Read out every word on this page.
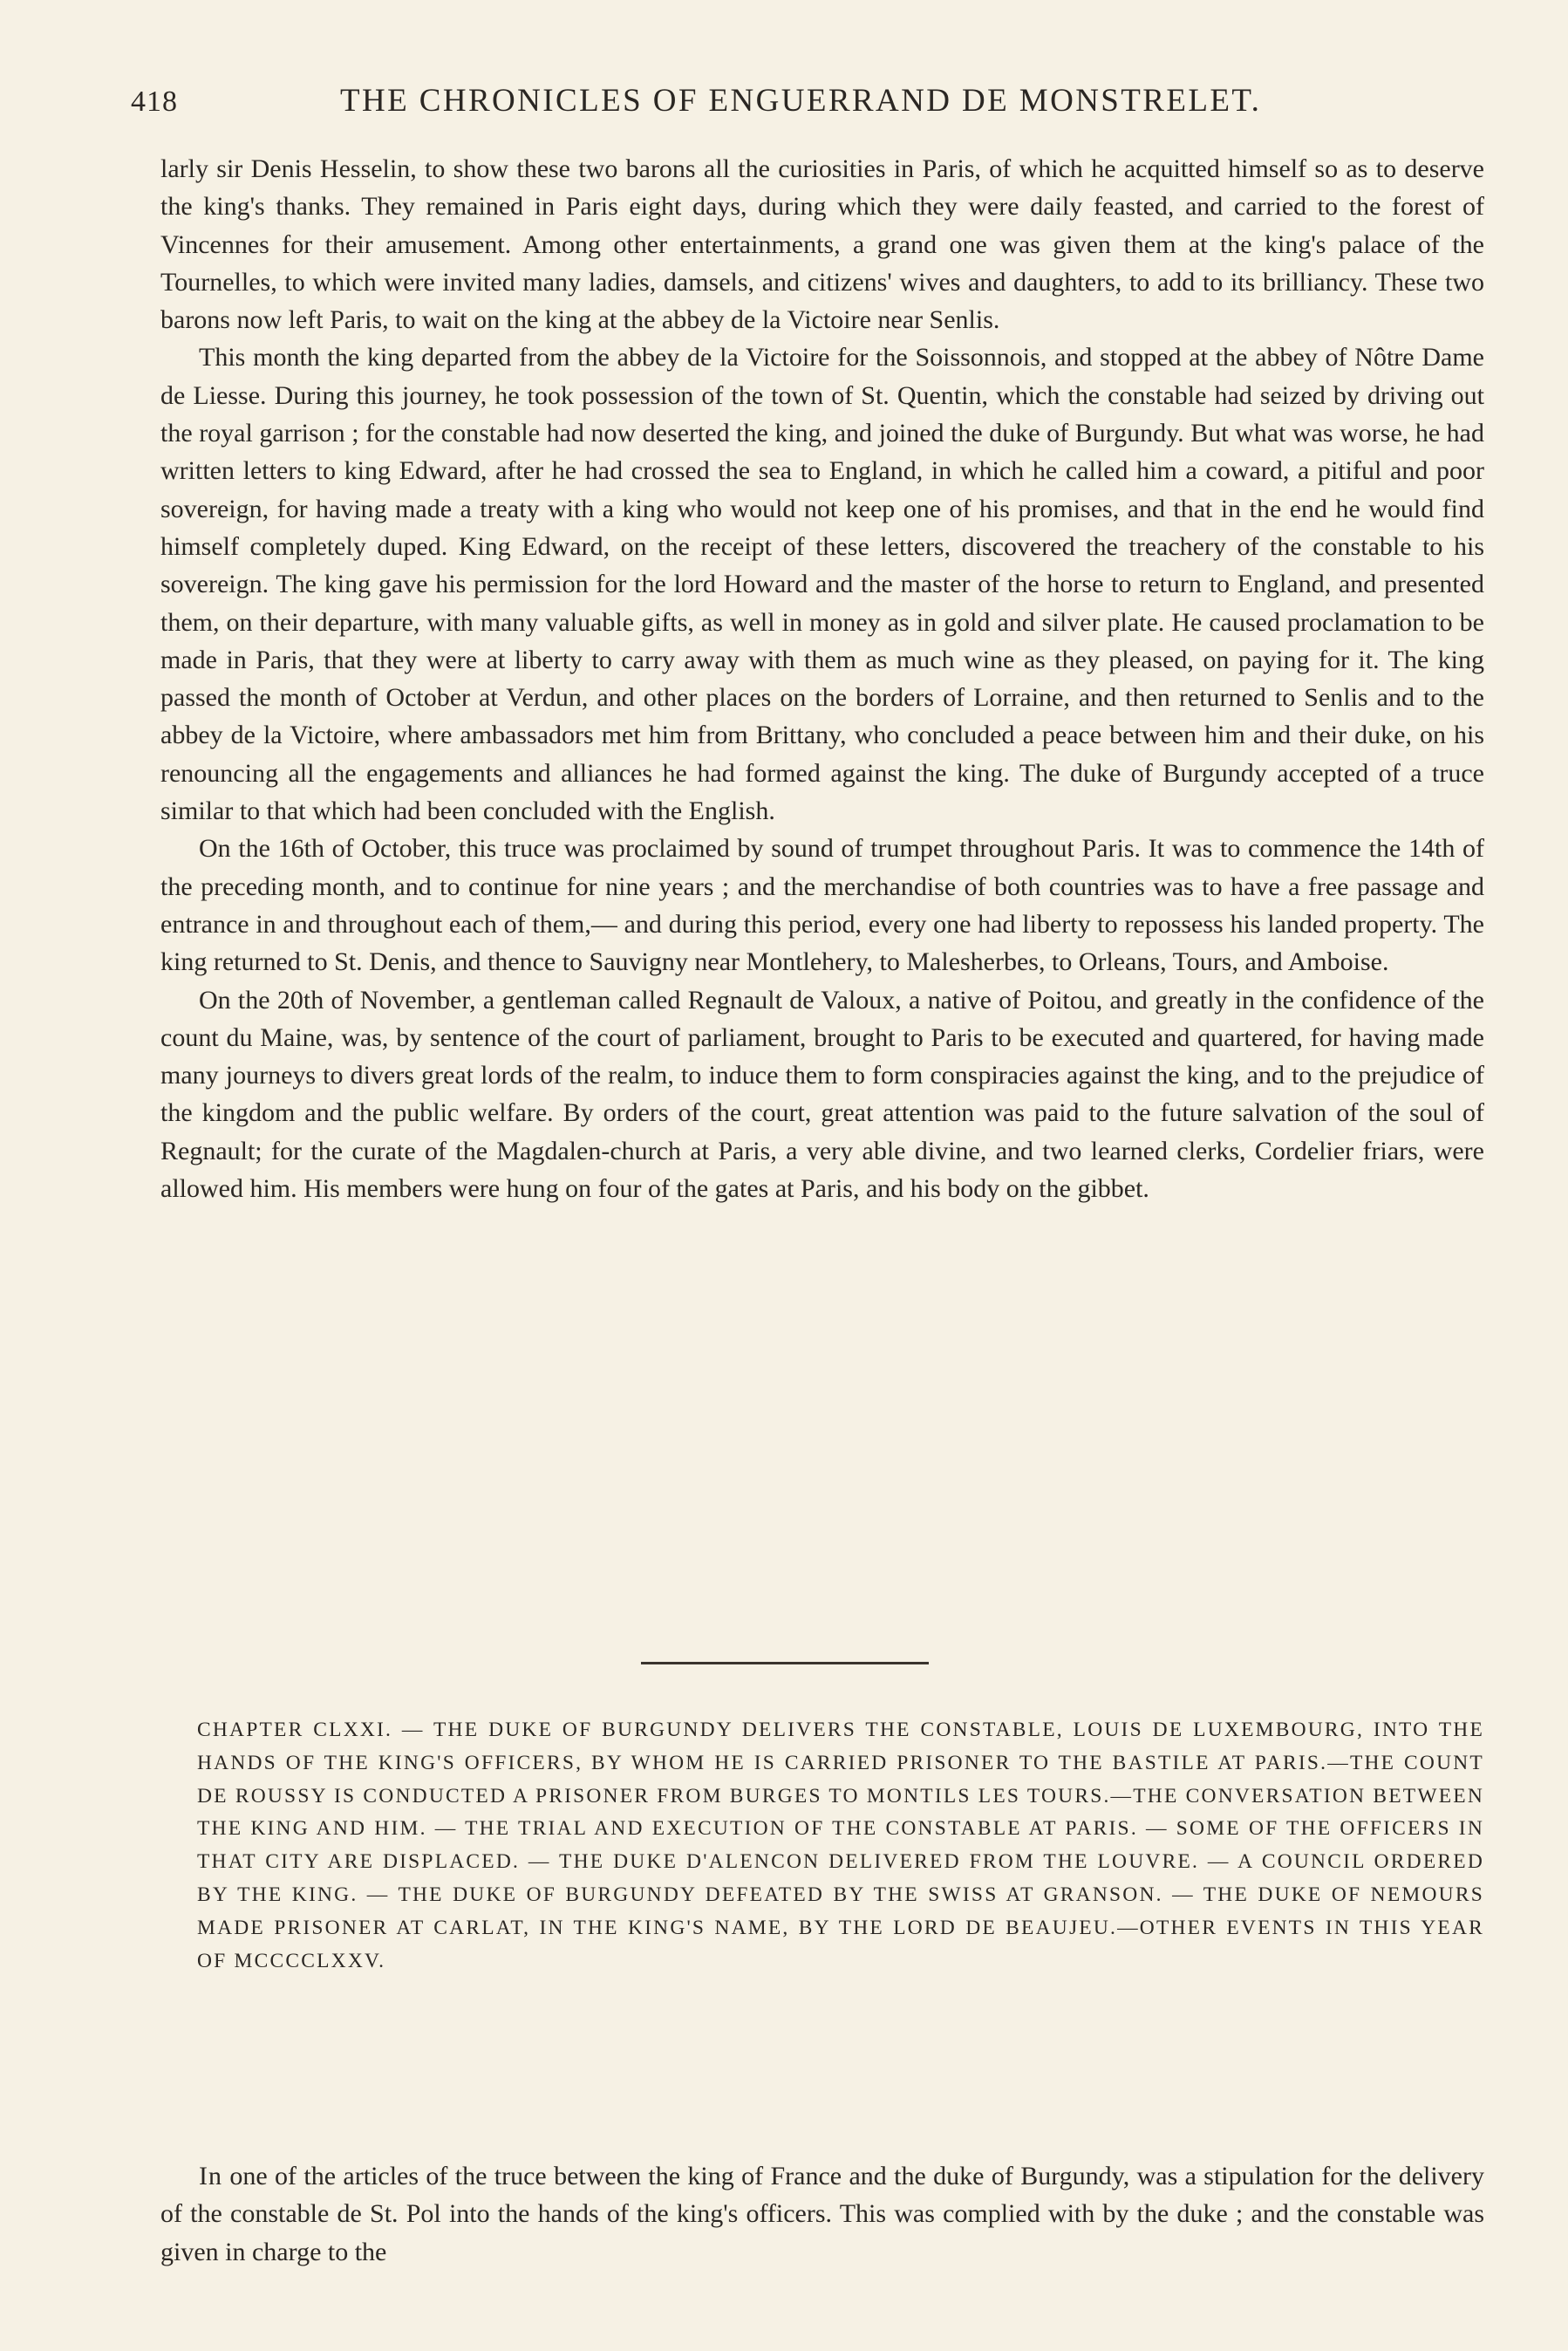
418	THE CHRONICLES OF ENGUERRAND DE MONSTRELET.

larly sir Denis Hesselin, to show these two barons all the curiosities in Paris, of which he acquitted himself so as to deserve the king's thanks. They remained in Paris eight days, during which they were daily feasted, and carried to the forest of Vincennes for their amusement. Among other entertainments, a grand one was given them at the king's palace of the Tournelles, to which were invited many ladies, damsels, and citizens' wives and daughters, to add to its brilliancy. These two barons now left Paris, to wait on the king at the abbey de la Victoire near Senlis.

This month the king departed from the abbey de la Victoire for the Soissonnois, and stopped at the abbey of Nôtre Dame de Liesse. During this journey, he took possession of the town of St. Quentin, which the constable had seized by driving out the royal garrison ; for the constable had now deserted the king, and joined the duke of Burgundy. But what was worse, he had written letters to king Edward, after he had crossed the sea to England, in which he called him a coward, a pitiful and poor sovereign, for having made a treaty with a king who would not keep one of his promises, and that in the end he would find himself completely duped. King Edward, on the receipt of these letters, discovered the treachery of the constable to his sovereign. The king gave his permission for the lord Howard and the master of the horse to return to England, and presented them, on their departure, with many valuable gifts, as well in money as in gold and silver plate. He caused proclamation to be made in Paris, that they were at liberty to carry away with them as much wine as they pleased, on paying for it. The king passed the month of October at Verdun, and other places on the borders of Lorraine, and then returned to Senlis and to the abbey de la Victoire, where ambassadors met him from Brittany, who concluded a peace between him and their duke, on his renouncing all the engagements and alliances he had formed against the king. The duke of Burgundy accepted of a truce similar to that which had been concluded with the English.

On the 16th of October, this truce was proclaimed by sound of trumpet throughout Paris. It was to commence the 14th of the preceding month, and to continue for nine years ; and the merchandise of both countries was to have a free passage and entrance in and throughout each of them,— and during this period, every one had liberty to repossess his landed property. The king returned to St. Denis, and thence to Sauvigny near Montlehery, to Malesherbes, to Orleans, Tours, and Amboise.

On the 20th of November, a gentleman called Regnault de Valoux, a native of Poitou, and greatly in the confidence of the count du Maine, was, by sentence of the court of parliament, brought to Paris to be executed and quartered, for having made many journeys to divers great lords of the realm, to induce them to form conspiracies against the king, and to the prejudice of the kingdom and the public welfare. By orders of the court, great attention was paid to the future salvation of the soul of Regnault; for the curate of the Magdalen-church at Paris, a very able divine, and two learned clerks, Cordelier friars, were allowed him. His members were hung on four of the gates at Paris, and his body on the gibbet.

CHAPTER CLXXI. — THE DUKE OF BURGUNDY DELIVERS THE CONSTABLE, LOUIS DE LUXEMBOURG, INTO THE HANDS OF THE KING'S OFFICERS, BY WHOM HE IS CARRIED PRISONER TO THE BASTILE AT PARIS.—THE COUNT DE ROUSSY IS CONDUCTED A PRISONER FROM BURGES TO MONTILS LES TOURS.—THE CONVERSATION BETWEEN THE KING AND HIM. — THE TRIAL AND EXECUTION OF THE CONSTABLE AT PARIS. — SOME OF THE OFFICERS IN THAT CITY ARE DISPLACED. — THE DUKE D'ALENCON DELIVERED FROM THE LOUVRE. — A COUNCIL ORDERED BY THE KING. — THE DUKE OF BURGUNDY DEFEATED BY THE SWISS AT GRANSON. — THE DUKE OF NEMOURS MADE PRISONER AT CARLAT, IN THE KING'S NAME, BY THE LORD DE BEAUJEU.—OTHER EVENTS IN THIS YEAR OF MCCCCLXXV.

In one of the articles of the truce between the king of France and the duke of Burgundy, was a stipulation for the delivery of the constable de St. Pol into the hands of the king's officers. This was complied with by the duke ; and the constable was given in charge to the
